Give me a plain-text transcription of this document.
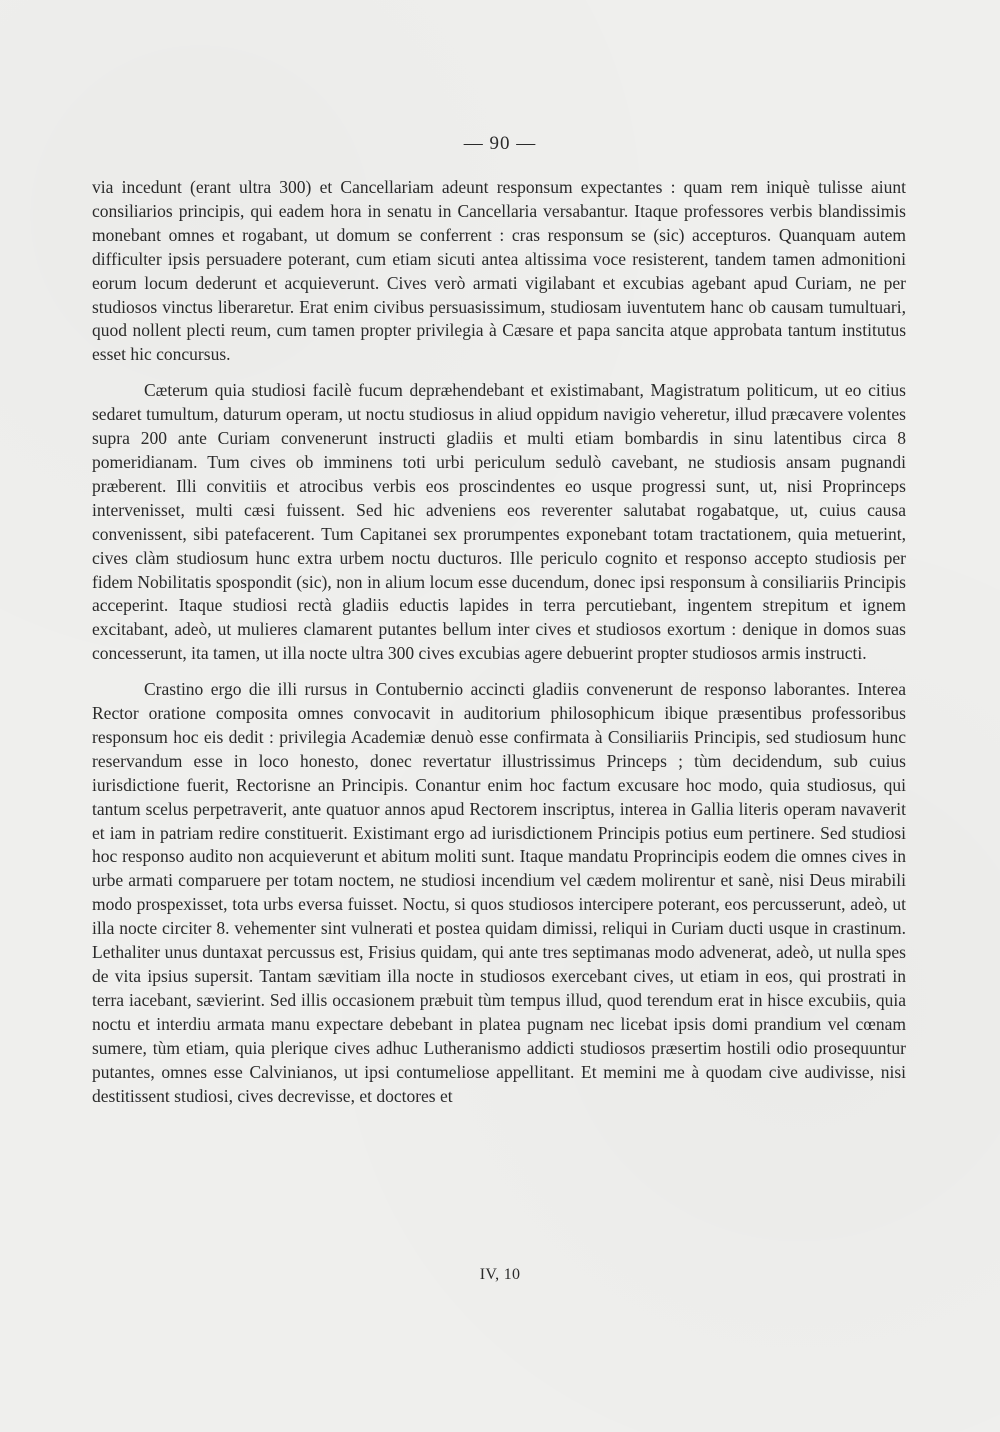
— 90 —

via incedunt (erant ultra 300) et Cancellariam adeunt responsum expectantes : quam rem iniquè tulisse aiunt consiliarios principis, qui eadem hora in senatu in Cancellaria versabantur. Itaque professores verbis blandissimis monebant omnes et rogabant, ut domum se conferrent : cras responsum se (sic) accepturos. Quanquam autem difficulter ipsis persuadere poterant, cum etiam sicuti antea altissima voce resisterent, tandem tamen admonitioni eorum locum dederunt et acquieverunt. Cives verò armati vigilabant et excubias agebant apud Curiam, ne per studiosos vinctus liberaretur. Erat enim civibus persuasissimum, studiosam iuventutem hanc ob causam tumultuari, quod nollent plecti reum, cum tamen propter privilegia à Cæsare et papa sancita atque approbata tantum institutus esset hic concursus.

Cæterum quia studiosi facilè fucum depræhendebant et existimabant, Magistratum politicum, ut eo citius sedaret tumultum, daturum operam, ut noctu studiosus in aliud oppidum navigio veheretur, illud præcavere volentes supra 200 ante Curiam convenerunt instructi gladiis et multi etiam bombardis in sinu latentibus circa 8 pomeridianam. Tum cives ob imminens toti urbi periculum sedulò cavebant, ne studiosis ansam pugnandi præberent. Illi convitiis et atrocibus verbis eos proscindentes eo usque progressi sunt, ut, nisi Proprinceps intervenisset, multi cæsi fuissent. Sed hic adveniens eos reverenter salutabat rogabatque, ut, cuius causa convenissent, sibi patefacerent. Tum Capitanei sex prorumpentes exponebant totam tractationem, quia metuerint, cives clàm studiosum hunc extra urbem noctu ducturos. Ille periculo cognito et responso accepto studiosis per fidem Nobilitatis spospondit (sic), non in alium locum esse ducendum, donec ipsi responsum à consiliariis Principis acceperint. Itaque studiosi rectà gladiis eductis lapides in terra percutiebant, ingentem strepitum et ignem excitabant, adeò, ut mulieres clamarent putantes bellum inter cives et studiosos exortum : denique in domos suas concesserunt, ita tamen, ut illa nocte ultra 300 cives excubias agere debuerint propter studiosos armis instructi.

Crastino ergo die illi rursus in Contubernio accincti gladiis convenerunt de responso laborantes. Interea Rector oratione composita omnes convocavit in auditorium philosophicum ibique præsentibus professoribus responsum hoc eis dedit : privilegia Academiæ denuò esse confirmata à Consiliariis Principis, sed studiosum hunc reservandum esse in loco honesto, donec revertatur illustrissimus Princeps ; tùm decidendum, sub cuius iurisdictione fuerit, Rectorisne an Principis. Conantur enim hoc factum excusare hoc modo, quia studiosus, qui tantum scelus perpetraverit, ante quatuor annos apud Rectorem inscriptus, interea in Gallia literis operam navaverit et iam in patriam redire constituerit. Existimant ergo ad iurisdictionem Principis potius eum pertinere. Sed studiosi hoc responso audito non acquieverunt et abitum moliti sunt. Itaque mandatu Proprincipis eodem die omnes cives in urbe armati comparuere per totam noctem, ne studiosi incendium vel cædem molirentur et sanè, nisi Deus mirabili modo prospexisset, tota urbs eversa fuisset. Noctu, si quos studiosos intercipere poterant, eos percusserunt, adeò, ut illa nocte circiter 8. vehementer sint vulnerati et postea quidam dimissi, reliqui in Curiam ducti usque in crastinum. Lethaliter unus duntaxat percussus est, Frisius quidam, qui ante tres septimanas modo advenerat, adeò, ut nulla spes de vita ipsius supersit. Tantam sævitiam illa nocte in studiosos exercebant cives, ut etiam in eos, qui prostrati in terra iacebant, sævierint. Sed illis occasionem præbuit tùm tempus illud, quod terendum erat in hisce excubiis, quia noctu et interdiu armata manu expectare debebant in platea pugnam nec licebat ipsis domi prandium vel cœnam sumere, tùm etiam, quia plerique cives adhuc Lutheranismo addicti studiosos præsertim hostili odio prosequuntur putantes, omnes esse Calvinianos, ut ipsi contumeliose appellitant. Et memini me à quodam cive audivisse, nisi destitissent studiosi, cives decrevisse, et doctores et

IV, 10
